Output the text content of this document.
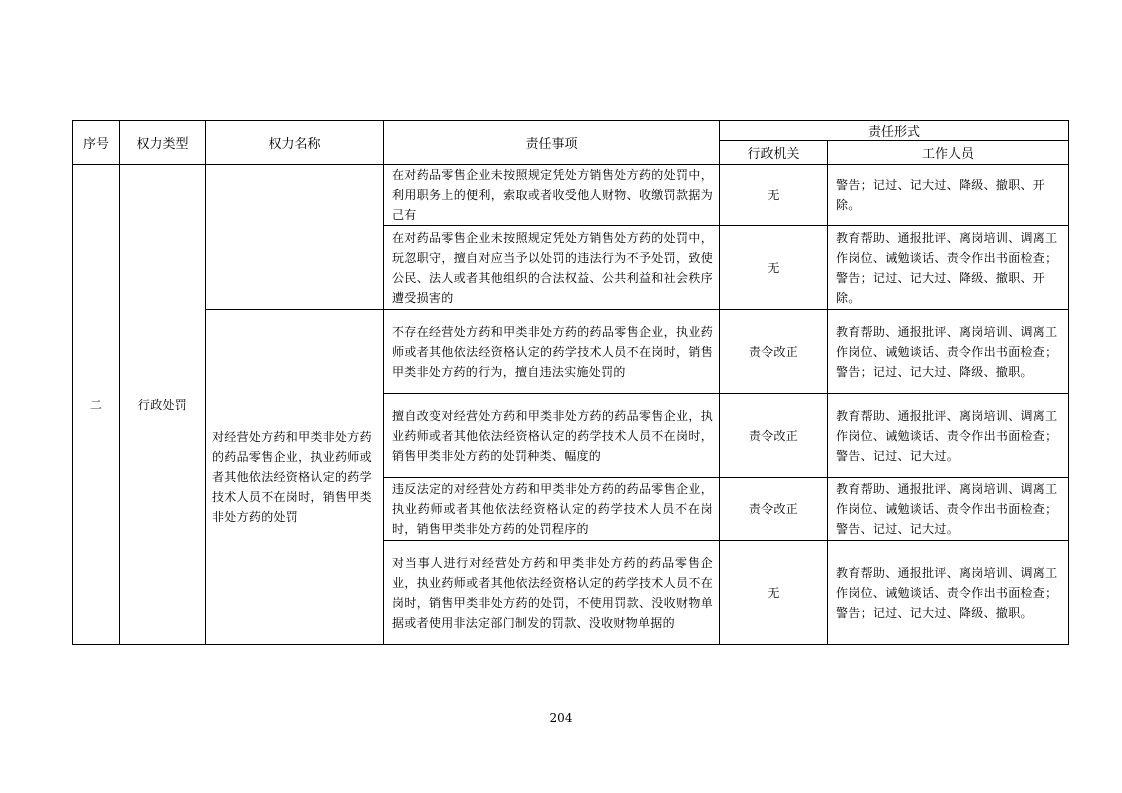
序号	权力类型	权力名称	责任事项	责任形式	
				行政机关	工作人员
二	行政处罚		在对药品零售企业未按照规定凭处方销售处方药的处罚中，利用职务上的便利，索取或者收受他人财物、收缴罚款据为己有	无	警告；记过、记大过、降级、撤职、开除。
			在对药品零售企业未按照规定凭处方销售处方药的处罚中，玩忽职守，擅自对应当予以处罚的违法行为不予处罚，致使公民、法人或者其他组织的合法权益、公共利益和社会秩序遭受损害的	无	教育帮助、通报批评、离岗培训、调离工作岗位、诫勉谈话、责令作出书面检查；警告；记过、记大过、降级、撤职、开除。
		对经营处方药和甲类非处方药的药品零售企业，执业药师或者其他依法经资格认定的药学技术人员不在岗时，销售甲类非处方药的处罚	不存在经营处方药和甲类非处方药的药品零售企业，执业药师或者其他依法经资格认定的药学技术人员不在岗时，销售甲类非处方药的行为，擅自违法实施处罚的	责令改正	教育帮助、通报批评、离岗培训、调离工作岗位、诫勉谈话、责令作出书面检查；警告；记过、记大过、降级、撤职。
			擅自改变对经营处方药和甲类非处方药的药品零售企业，执业药师或者其他依法经资格认定的药学技术人员不在岗时，销售甲类非处方药的处罚种类、幅度的	责令改正	教育帮助、通报批评、离岗培训、调离工作岗位、诫勉谈话、责令作出书面检查；警告、记过、记大过。
			违反法定的对经营处方药和甲类非处方药的药品零售企业，执业药师或者其他依法经资格认定的药学技术人员不在岗时，销售甲类非处方药的处罚程序的	责令改正	教育帮助、通报批评、离岗培训、调离工作岗位、诫勉谈话、责令作出书面检查；警告、记过、记大过。
			对当事人进行对经营处方药和甲类非处方药的药品零售企业，执业药师或者其他依法经资格认定的药学技术人员不在岗时，销售甲类非处方药的处罚，不使用罚款、没收财物单据或者使用非法定部门制发的罚款、没收财物单据的	无	教育帮助、通报批评、离岗培训、调离工作岗位、诫勉谈话、责令作出书面检查；警告；记过、记大过、降级、撤职。
204
